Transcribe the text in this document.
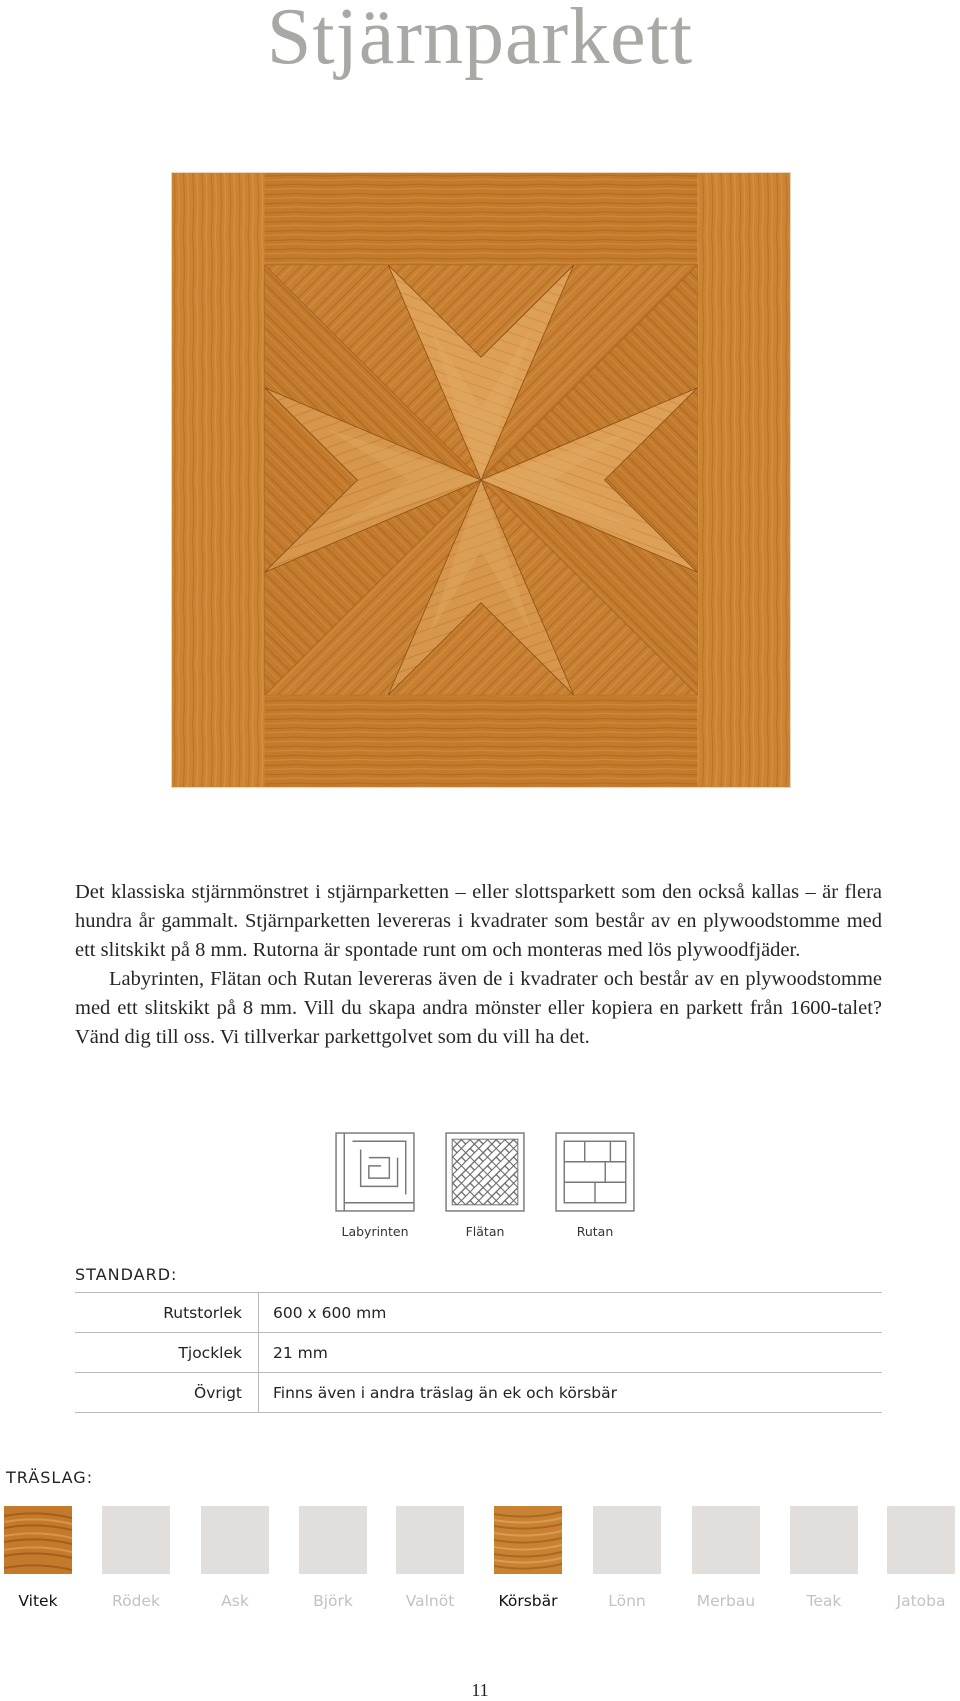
Stjärnparkett

Det klassiska stjärnmönstret i stjärnparketten – eller slottsparkett som den också kallas – är flera hundra år gammalt. Stjärnparketten levereras i kvadrater som består av en plywoodstomme med ett slitskikt på 8 mm. Rutorna är spontade runt om och monteras med lös plywoodfjäder.

Labyrinten, Flätan och Rutan levereras även de i kvadrater och består av en plywoodstomme med ett slitskikt på 8 mm. Vill du skapa andra mönster eller kopiera en parkett från 1600-talet? Vänd dig till oss. Vi tillverkar parkettgolvet som du vill ha det.

Labyrinten	Flätan	Rutan
STANDARD:
Rutstorlek	600 x 600 mm
Tjocklek	21 mm
Övrigt	Finns även i andra träslag än ek och körsbär
TRÄSLAG:
Vitek	Rödek	Ask	Björk	Valnöt	Körsbär	Lönn	Merbau	Teak	Jatoba
11
